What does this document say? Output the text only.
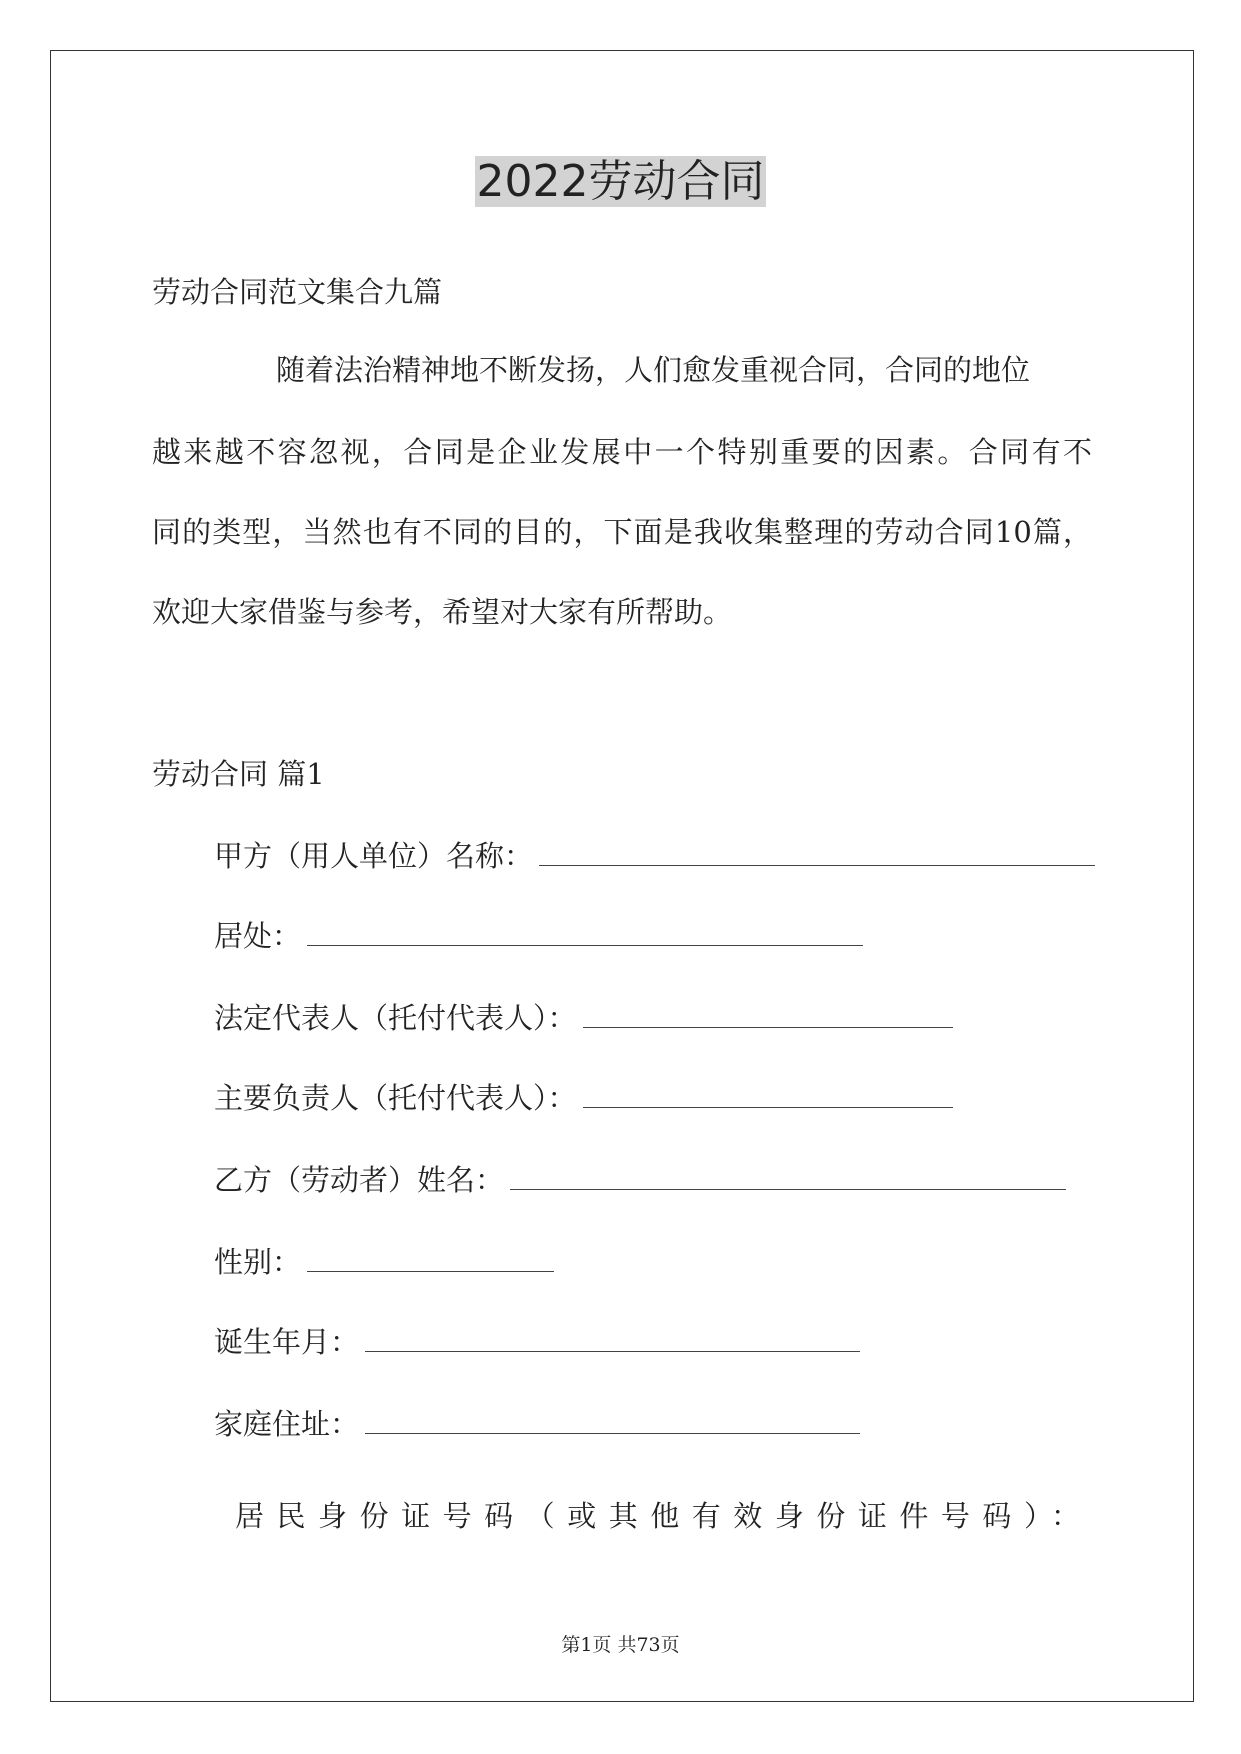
2022劳动合同
劳动合同范文集合九篇
随着法治精神地不断发扬，人们愈发重视合同，合同的地位
越来越不容忽视，合同是企业发展中一个特别重要的因素。合同有不
同的类型，当然也有不同的目的，下面是我收集整理的劳动合同10篇，
欢迎大家借鉴与参考，希望对大家有所帮助。
劳动合同 篇1
甲方（用人单位）名称：
居处：
法定代表人（托付代表人）：
主要负责人（托付代表人）：
乙方（劳动者）姓名：
性别：
诞生年月：
家庭住址：
居民身份证号码（或其他有效身份证件号码）：
第1页 共73页
